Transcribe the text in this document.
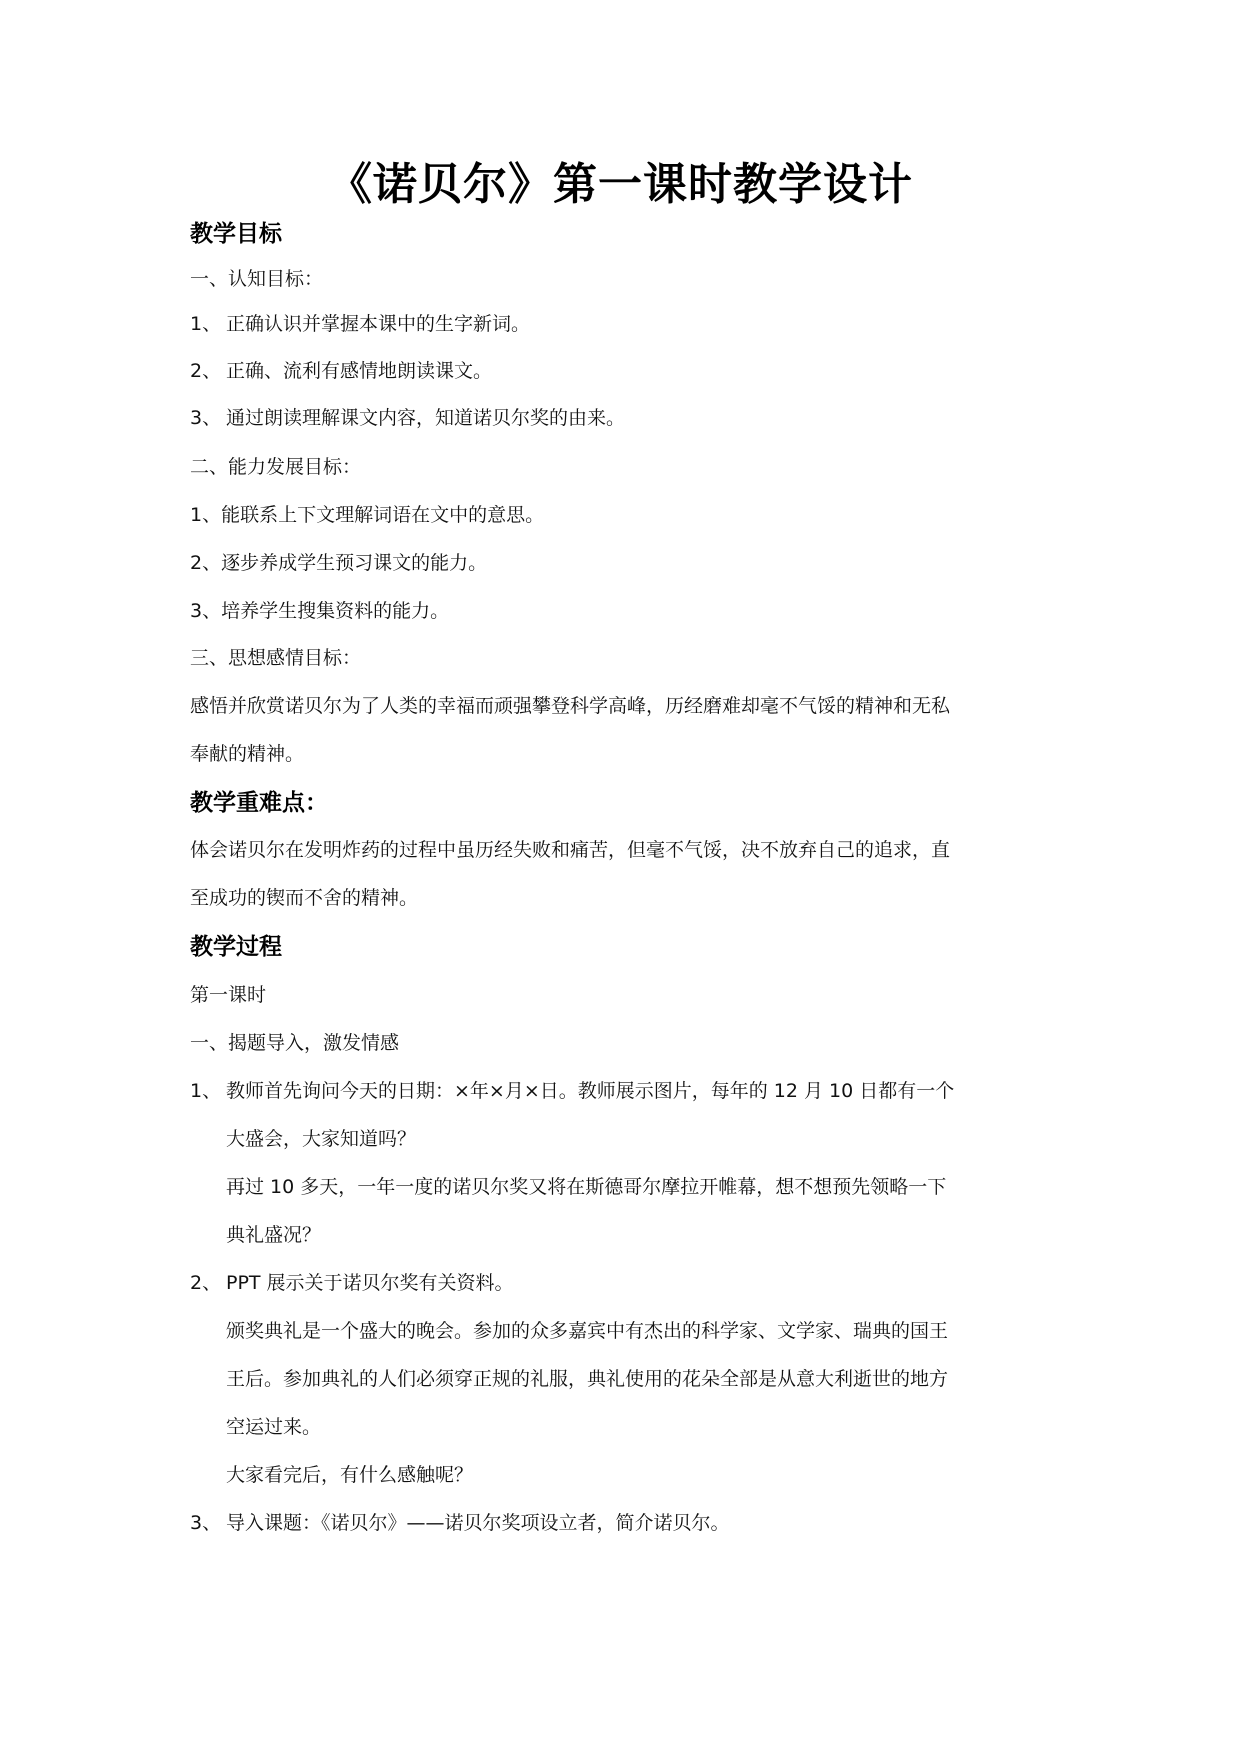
《诺贝尔》第一课时教学设计
教学目标
一、认知目标：
1、 正确认识并掌握本课中的生字新词。
2、 正确、流利有感情地朗读课文。
3、 通过朗读理解课文内容，知道诺贝尔奖的由来。
二、能力发展目标：
1、能联系上下文理解词语在文中的意思。
2、逐步养成学生预习课文的能力。
3、培养学生搜集资料的能力。
三、思想感情目标：
感悟并欣赏诺贝尔为了人类的幸福而顽强攀登科学高峰，历经磨难却毫不气馁的精神和无私
奉献的精神。
教学重难点：
体会诺贝尔在发明炸药的过程中虽历经失败和痛苦，但毫不气馁，决不放弃自己的追求，直
至成功的锲而不舍的精神。
教学过程
第一课时
一、揭题导入，激发情感
1、 教师首先询问今天的日期：×年×月×日。教师展示图片，每年的 12 月 10 日都有一个
大盛会，大家知道吗？
再过 10 多天，一年一度的诺贝尔奖又将在斯德哥尔摩拉开帷幕，想不想预先领略一下
典礼盛况？
2、 PPT 展示关于诺贝尔奖有关资料。
颁奖典礼是一个盛大的晚会。参加的众多嘉宾中有杰出的科学家、文学家、瑞典的国王
王后。参加典礼的人们必须穿正规的礼服，典礼使用的花朵全部是从意大利逝世的地方
空运过来。
大家看完后，有什么感触呢？
3、 导入课题：《诺贝尔》——诺贝尔奖项设立者，简介诺贝尔。
